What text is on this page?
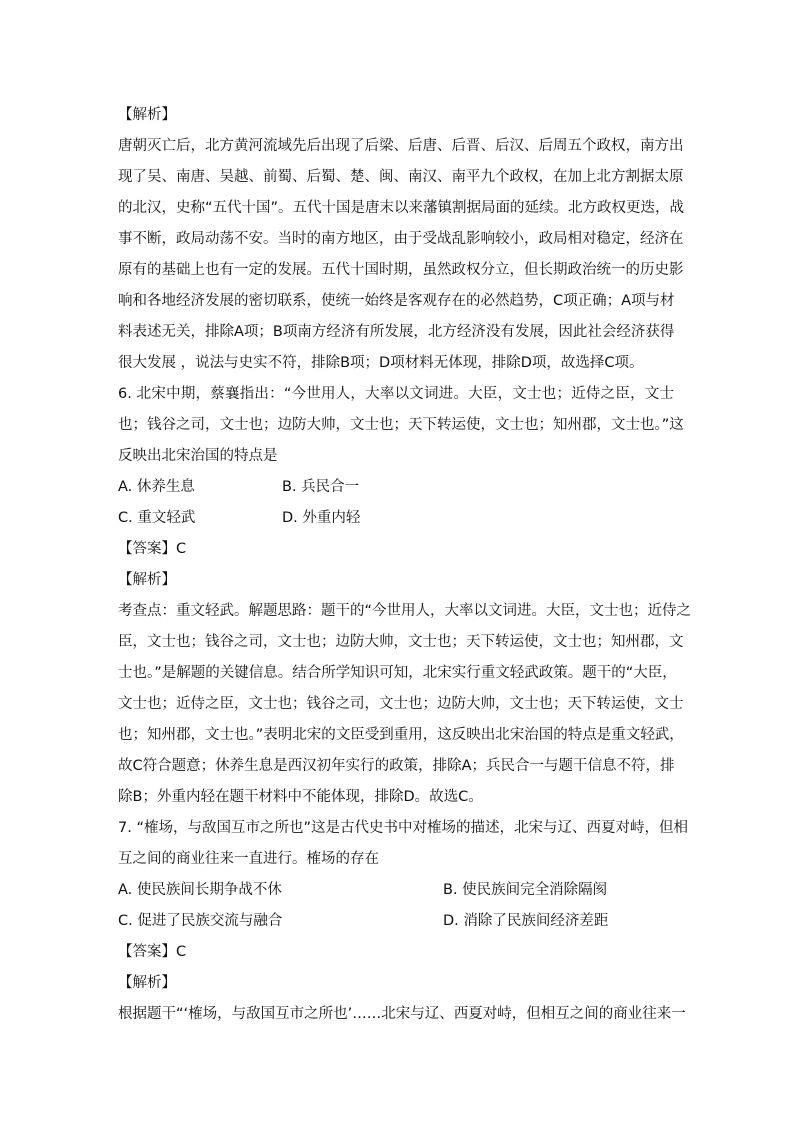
【解析】
唐朝灭亡后，北方黄河流域先后出现了后梁、后唐、后晋、后汉、后周五个政权，南方出
现了吴、南唐、吴越、前蜀、后蜀、楚、闽、南汉、南平九个政权，在加上北方割据太原
的北汉，史称“五代十国”。五代十国是唐末以来藩镇割据局面的延续。北方政权更迭，战
事不断，政局动荡不安。当时的南方地区，由于受战乱影响较小，政局相对稳定，经济在
原有的基础上也有一定的发展。五代十国时期，虽然政权分立，但长期政治统一的历史影
响和各地经济发展的密切联系，使统一始终是客观存在的必然趋势，C项正确；A项与材
料表述无关，排除A项；B项南方经济有所发展，北方经济没有发展，因此社会经济获得
很大发展 ，说法与史实不符，排除B项；D项材料无体现，排除D项，故选择C项。
6. 北宋中期，蔡襄指出：“今世用人，大率以文词进。大臣，文士也；近侍之臣，文士
也；钱谷之司，文士也；边防大帅，文士也；天下转运使，文士也；知州郡，文士也。”这
反映出北宋治国的特点是
A. 休养生息	B. 兵民合一
C. 重文轻武	D. 外重内轻
【答案】C
【解析】
考查点：重文轻武。解题思路：题干的“今世用人，大率以文词进。大臣，文士也；近侍之
臣，文士也；钱谷之司，文士也；边防大帅，文士也；天下转运使，文士也；知州郡，文
士也。”是解题的关键信息。结合所学知识可知，北宋实行重文轻武政策。题干的“大臣，
文士也；近侍之臣，文士也；钱谷之司，文士也；边防大帅，文士也；天下转运使，文士
也；知州郡，文士也。”表明北宋的文臣受到重用，这反映出北宋治国的特点是重文轻武，
故C符合题意；休养生息是西汉初年实行的政策，排除A；兵民合一与题干信息不符，排
除B；外重内轻在题干材料中不能体现，排除D。故选C。
7. “榷场，与敌国互市之所也”这是古代史书中对榷场的描述，北宋与辽、西夏对峙，但相
互之间的商业往来一直进行。榷场的存在
A. 使民族间长期争战不休	B. 使民族间完全消除隔阂
C. 促进了民族交流与融合	D. 消除了民族间经济差距
【答案】C
【解析】
根据题干“‘榷场，与敌国互市之所也’……北宋与辽、西夏对峙，但相互之间的商业往来一
